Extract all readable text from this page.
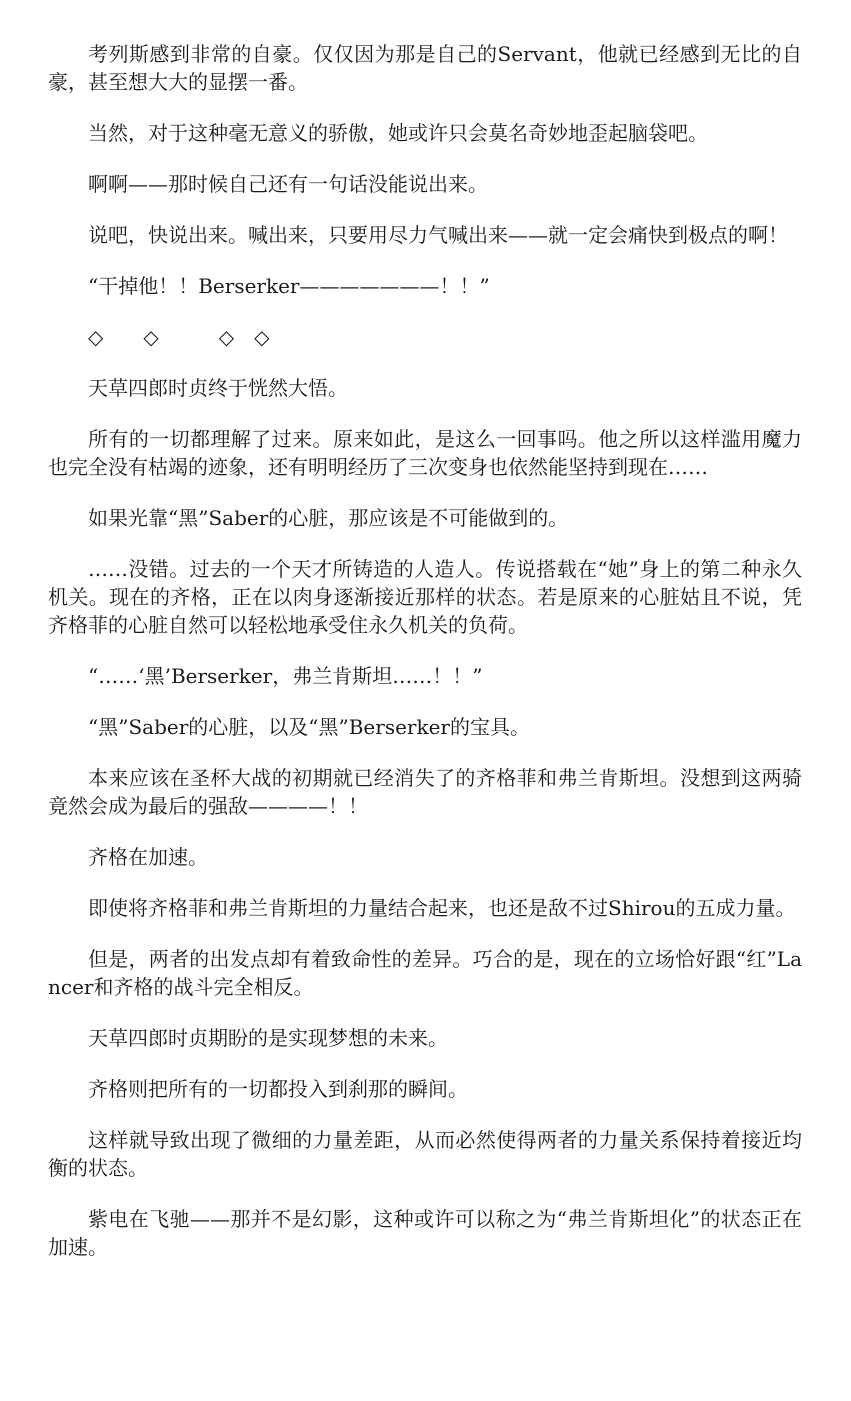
考列斯感到非常的自豪。仅仅因为那是自己的Servant，他就已经感到无比的自豪，甚至想大大的显摆一番。

当然，对于这种毫无意义的骄傲，她或许只会莫名奇妙地歪起脑袋吧。

啊啊——那时候自己还有一句话没能说出来。

说吧，快说出来。喊出来，只要用尽力气喊出来——就一定会痛快到极点的啊！

“干掉他！！Berserker———————！！”

◇　　◇　　　◇　◇

天草四郎时贞终于恍然大悟。

所有的一切都理解了过来。原来如此，是这么一回事吗。他之所以这样滥用魔力也完全没有枯竭的迹象，还有明明经历了三次变身也依然能坚持到现在……

如果光靠“黑”Saber的心脏，那应该是不可能做到的。

……没错。过去的一个天才所铸造的人造人。传说搭载在“她”身上的第二种永久机关。现在的齐格，正在以肉身逐渐接近那样的状态。若是原来的心脏姑且不说，凭齐格菲的心脏自然可以轻松地承受住永久机关的负荷。

“……‘黑’Berserker，弗兰肯斯坦……！！”

“黑”Saber的心脏，以及“黑”Berserker的宝具。

本来应该在圣杯大战的初期就已经消失了的齐格菲和弗兰肯斯坦。没想到这两骑竟然会成为最后的强敌————！！

齐格在加速。

即使将齐格菲和弗兰肯斯坦的力量结合起来，也还是敌不过Shirou的五成力量。

但是，两者的出发点却有着致命性的差异。巧合的是，现在的立场恰好跟“红”Lancer和齐格的战斗完全相反。

天草四郎时贞期盼的是实现梦想的未来。

齐格则把所有的一切都投入到刹那的瞬间。

这样就导致出现了微细的力量差距，从而必然使得两者的力量关系保持着接近均衡的状态。

紫电在飞驰——那并不是幻影，这种或许可以称之为“弗兰肯斯坦化”的状态正在加速。
